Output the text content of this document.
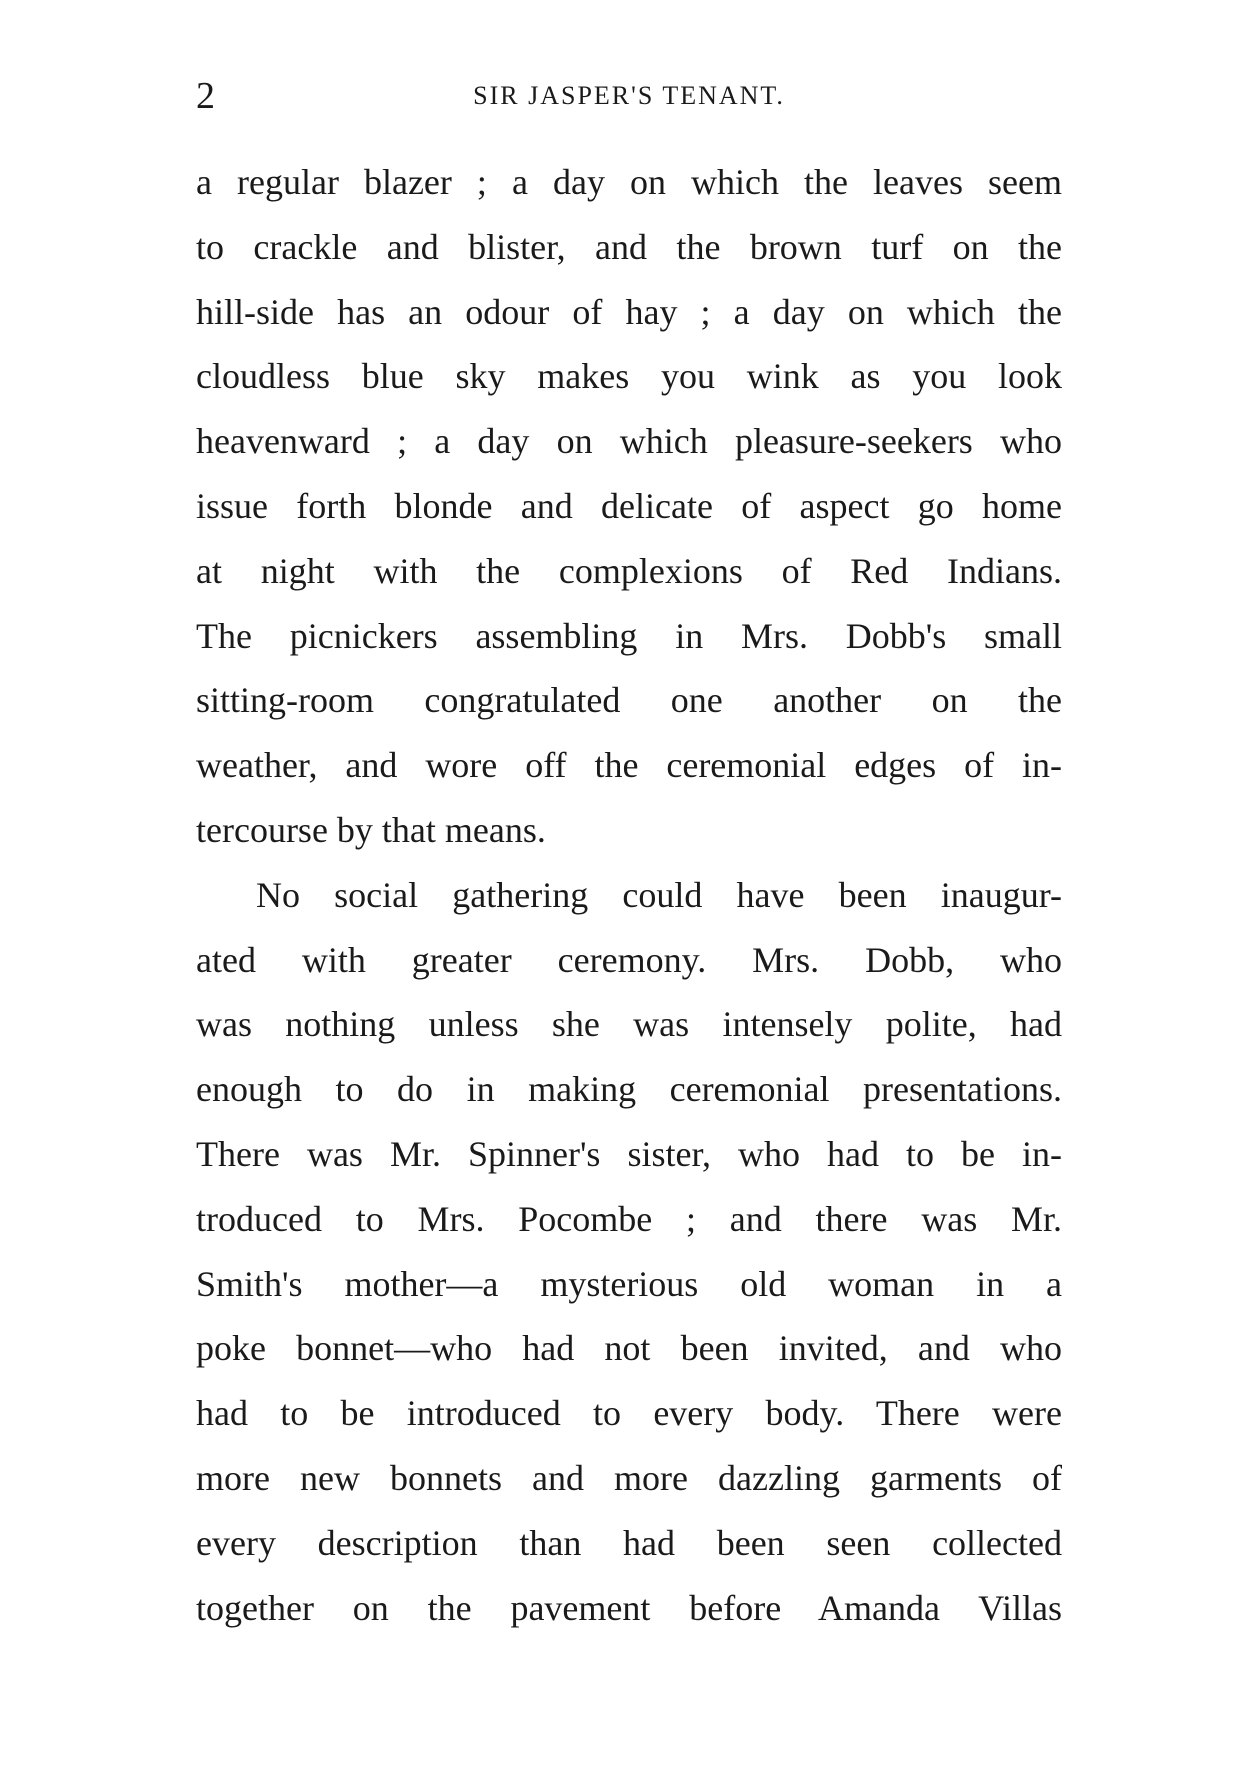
2	SIR JASPER'S TENANT.
a regular blazer ; a day on which the leaves seem
to crackle and blister, and the brown turf on the
hill-side has an odour of hay ; a day on which the
cloudless blue sky makes you wink as you look
heavenward ; a day on which pleasure-seekers who
issue forth blonde and delicate of aspect go home
at night with the complexions of Red Indians.
The picnickers assembling in Mrs. Dobb's small
sitting-room congratulated one another on the
weather, and wore off the ceremonial edges of in-
tercourse by that means.
No social gathering could have been inaugur-
ated with greater ceremony. Mrs. Dobb, who
was nothing unless she was intensely polite, had
enough to do in making ceremonial presentations.
There was Mr. Spinner's sister, who had to be in-
troduced to Mrs. Pocombe ; and there was Mr.
Smith's mother—a mysterious old woman in a
poke bonnet—who had not been invited, and who
had to be introduced to every body. There were
more new bonnets and more dazzling garments of
every description than had been seen collected
together on the pavement before Amanda Villas
